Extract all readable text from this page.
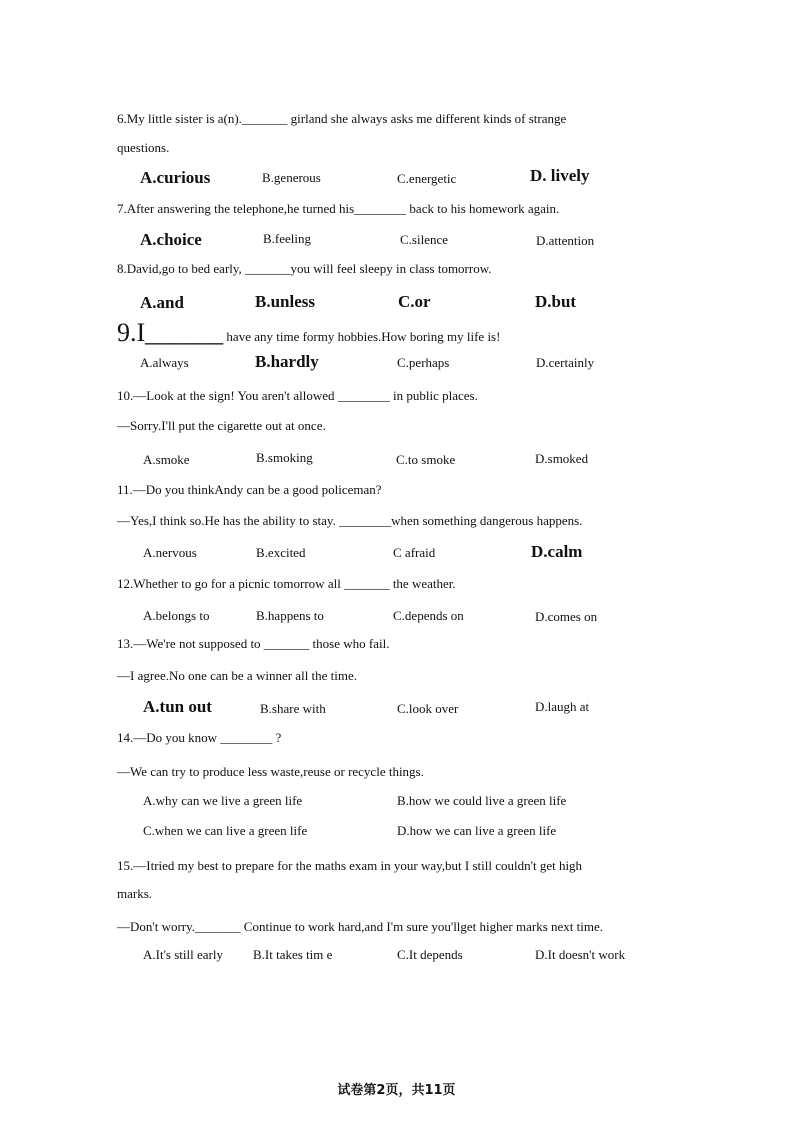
6.My little sister is a(n)._______ girland she always asks me different kinds of strange
questions.
A.curious	B.generous	C.energetic	D. lively
7.After answering the telephone,he turned his________ back to his homework again.
A.choice	B.feeling	C.silence	D.attention
8.David,go to bed early, _______you will feel sleepy in class tomorrow.
A.and	B.unless	C.or	D.but
9.I______ have any time formy hobbies.How boring my life is!
A.always	B.hardly	C.perhaps	D.certainly
10.—Look at the sign! You aren't allowed ________ in public places.
—Sorry.I'll put the cigarette out at once.
A.smoke	B.smoking	C.to smoke	D.smoked
11.—Do you thinkAndy can be a good policeman?
—Yes,I think so.He has the ability to stay. ________when something dangerous happens.
A.nervous	B.excited	C afraid	D.calm
12.Whether to go for a picnic tomorrow all _______ the weather.
A.belongs to	B.happens to	C.depends on	D.comes on
13.—We're not supposed to _______ those who fail.
—I agree.No one can be a winner all the time.
A.tun out	B.share with	C.look over	D.laugh at
14.—Do you know ________ ?
—We can try to produce less waste,reuse or recycle things.
A.why can we live a green life	B.how we could live a green life
C.when we can live a green life	D.how we can live a green life
15.—Itried my best to prepare for the maths exam in your way,but I still couldn't get high
marks.
—Don't worry._______ Continue to work hard,and I'm sure you'llget higher marks next time.
A.It's still early B.It takes tim e	C.It depends	D.It doesn't work
试卷第2页，共11页
